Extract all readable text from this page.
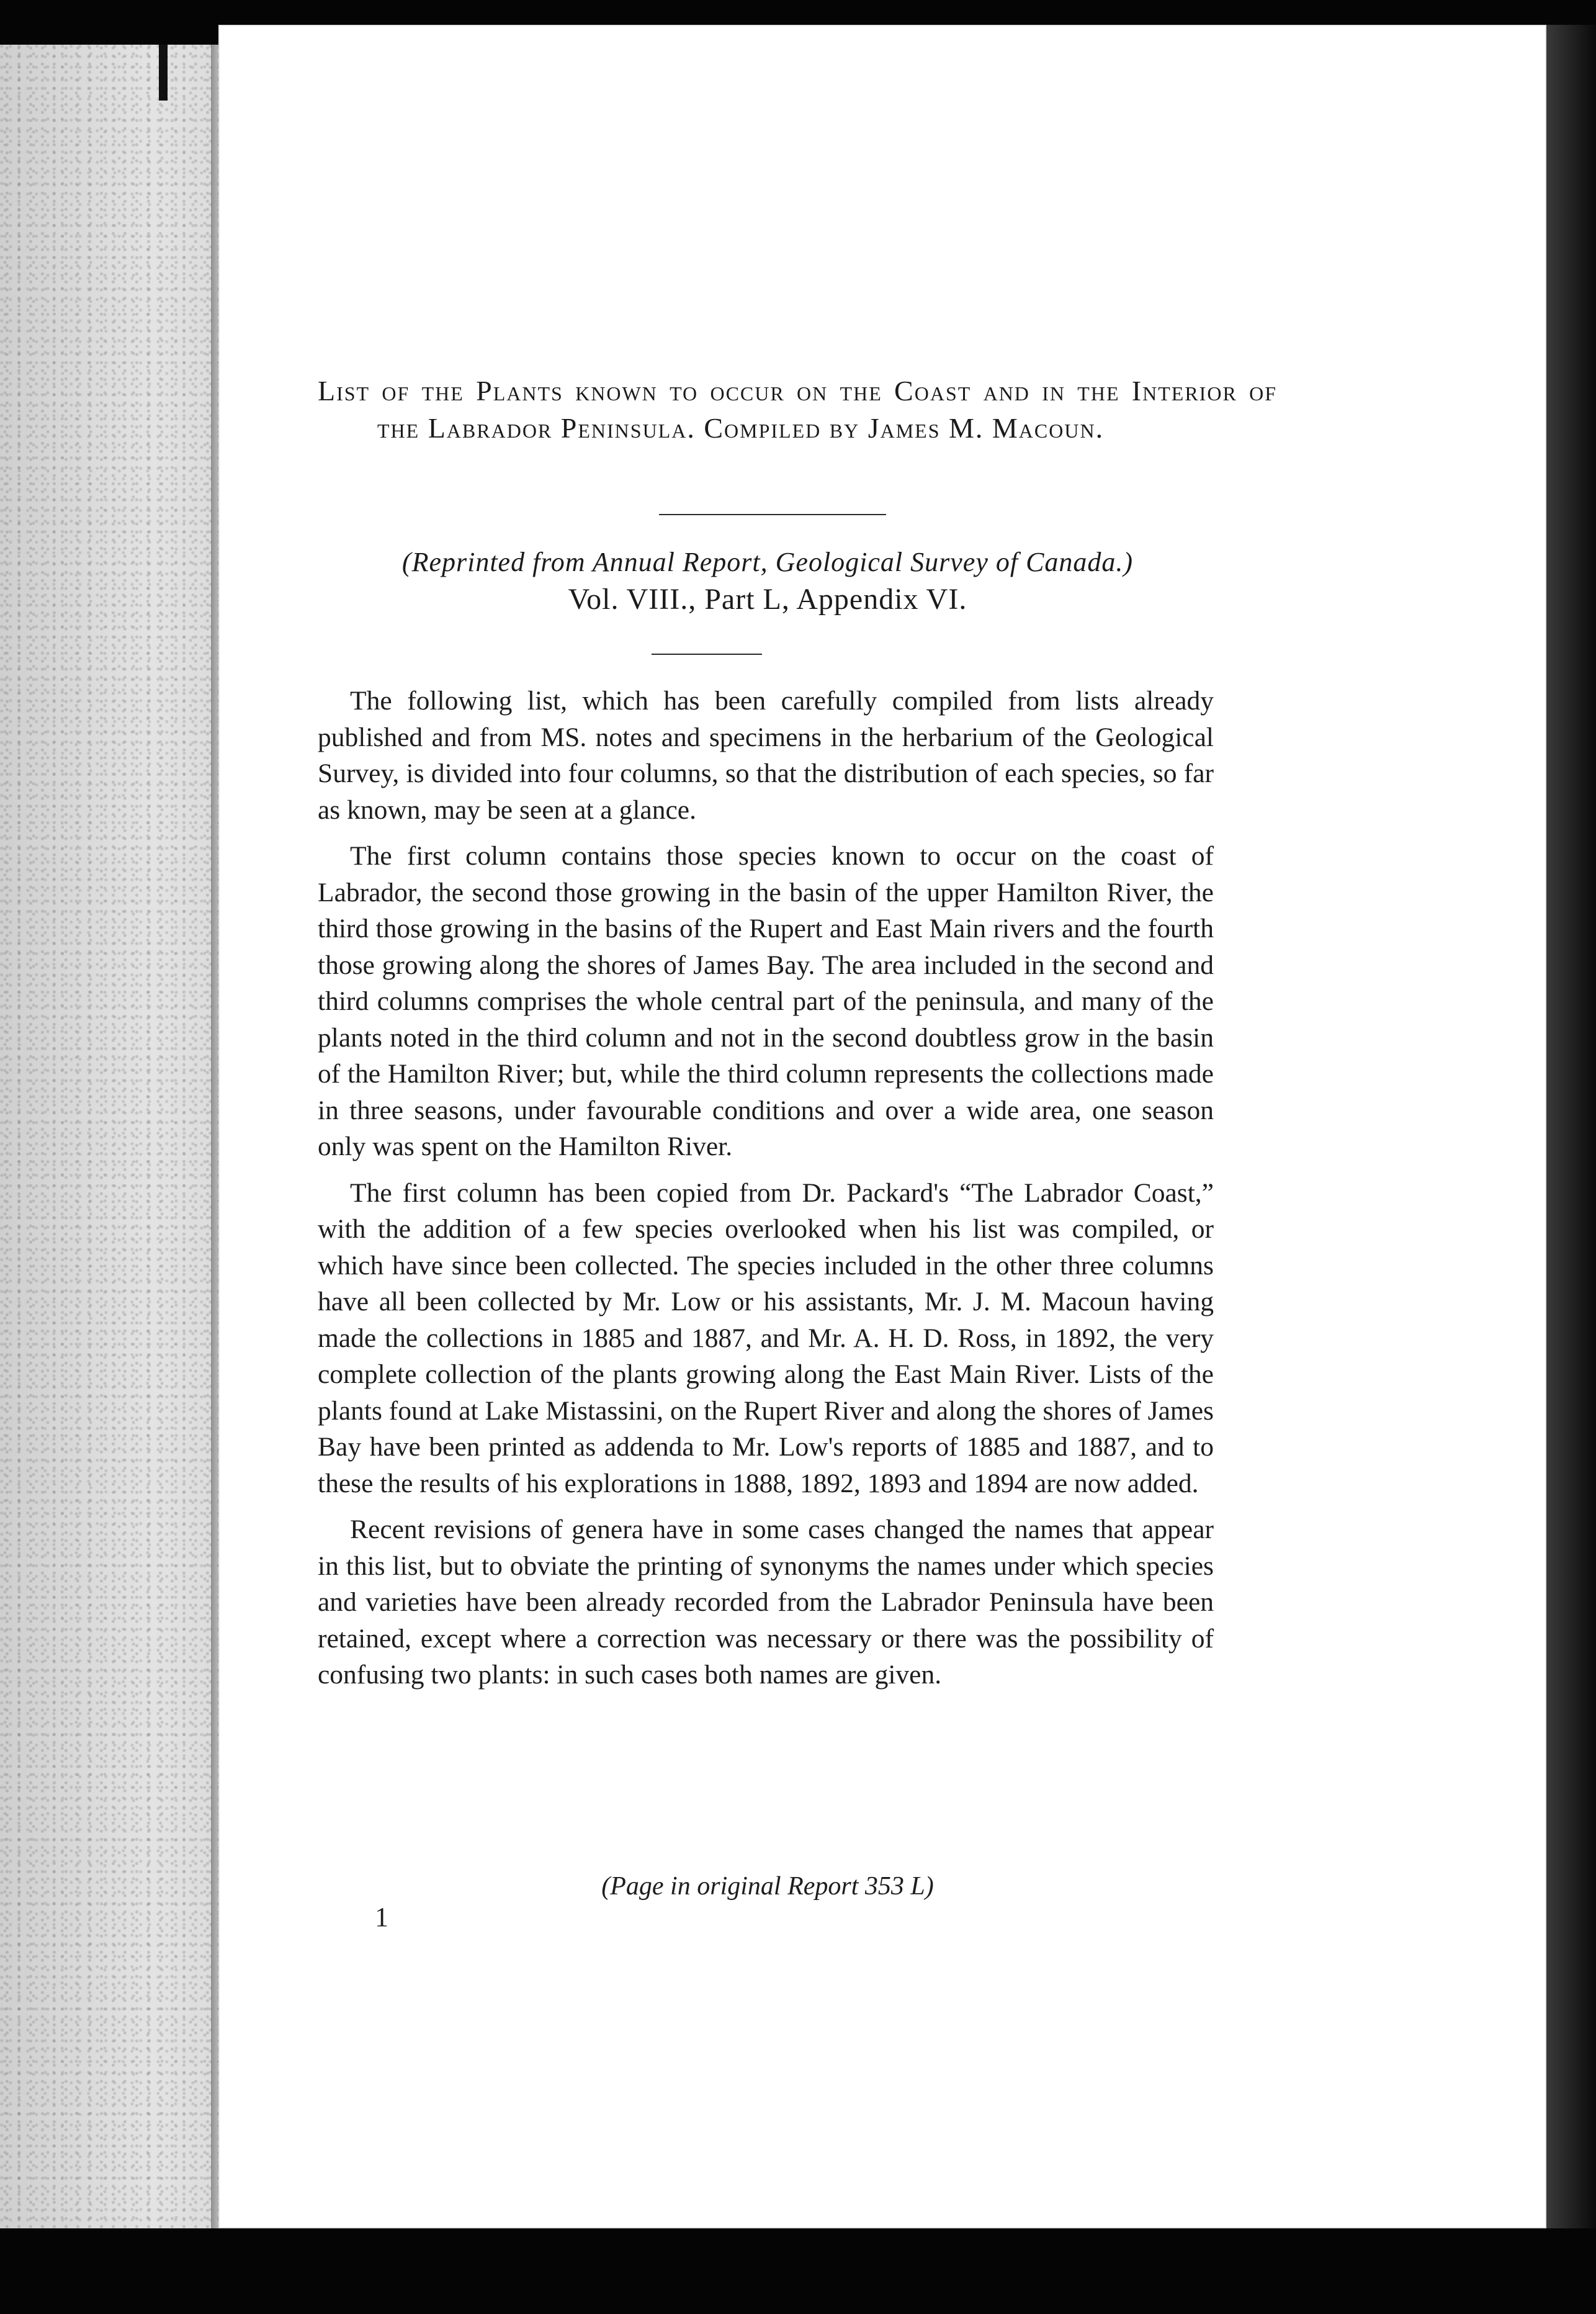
List of the Plants known to occur on the Coast and in the Interior of the Labrador Peninsula. Compiled by James M. Macoun.
(Reprinted from Annual Report, Geological Survey of Canada.)
Vol. VIII., Part L, Appendix VI.

The following list, which has been carefully compiled from lists already published and from MS. notes and specimens in the herbarium of the Geological Survey, is divided into four columns, so that the distribution of each species, so far as known, may be seen at a glance.

The first column contains those species known to occur on the coast of Labrador, the second those growing in the basin of the upper Hamilton River, the third those growing in the basins of the Rupert and East Main rivers and the fourth those growing along the shores of James Bay. The area included in the second and third columns comprises the whole central part of the peninsula, and many of the plants noted in the third column and not in the second doubtless grow in the basin of the Hamilton River; but, while the third column represents the collections made in three seasons, under favourable conditions and over a wide area, one season only was spent on the Hamilton River.

The first column has been copied from Dr. Packard's “The Labrador Coast,” with the addition of a few species overlooked when his list was compiled, or which have since been collected. The species included in the other three columns have all been collected by Mr. Low or his assistants, Mr. J. M. Macoun having made the collections in 1885 and 1887, and Mr. A. H. D. Ross, in 1892, the very complete collection of the plants growing along the East Main River. Lists of the plants found at Lake Mistassini, on the Rupert River and along the shores of James Bay have been printed as addenda to Mr. Low's reports of 1885 and 1887, and to these the results of his explorations in 1888, 1892, 1893 and 1894 are now added.

Recent revisions of genera have in some cases changed the names that appear in this list, but to obviate the printing of synonyms the names under which species and varieties have been already recorded from the Labrador Peninsula have been retained, except where a correction was necessary or there was the possibility of confusing two plants: in such cases both names are given.

(Page in original Report 353 L)
1
